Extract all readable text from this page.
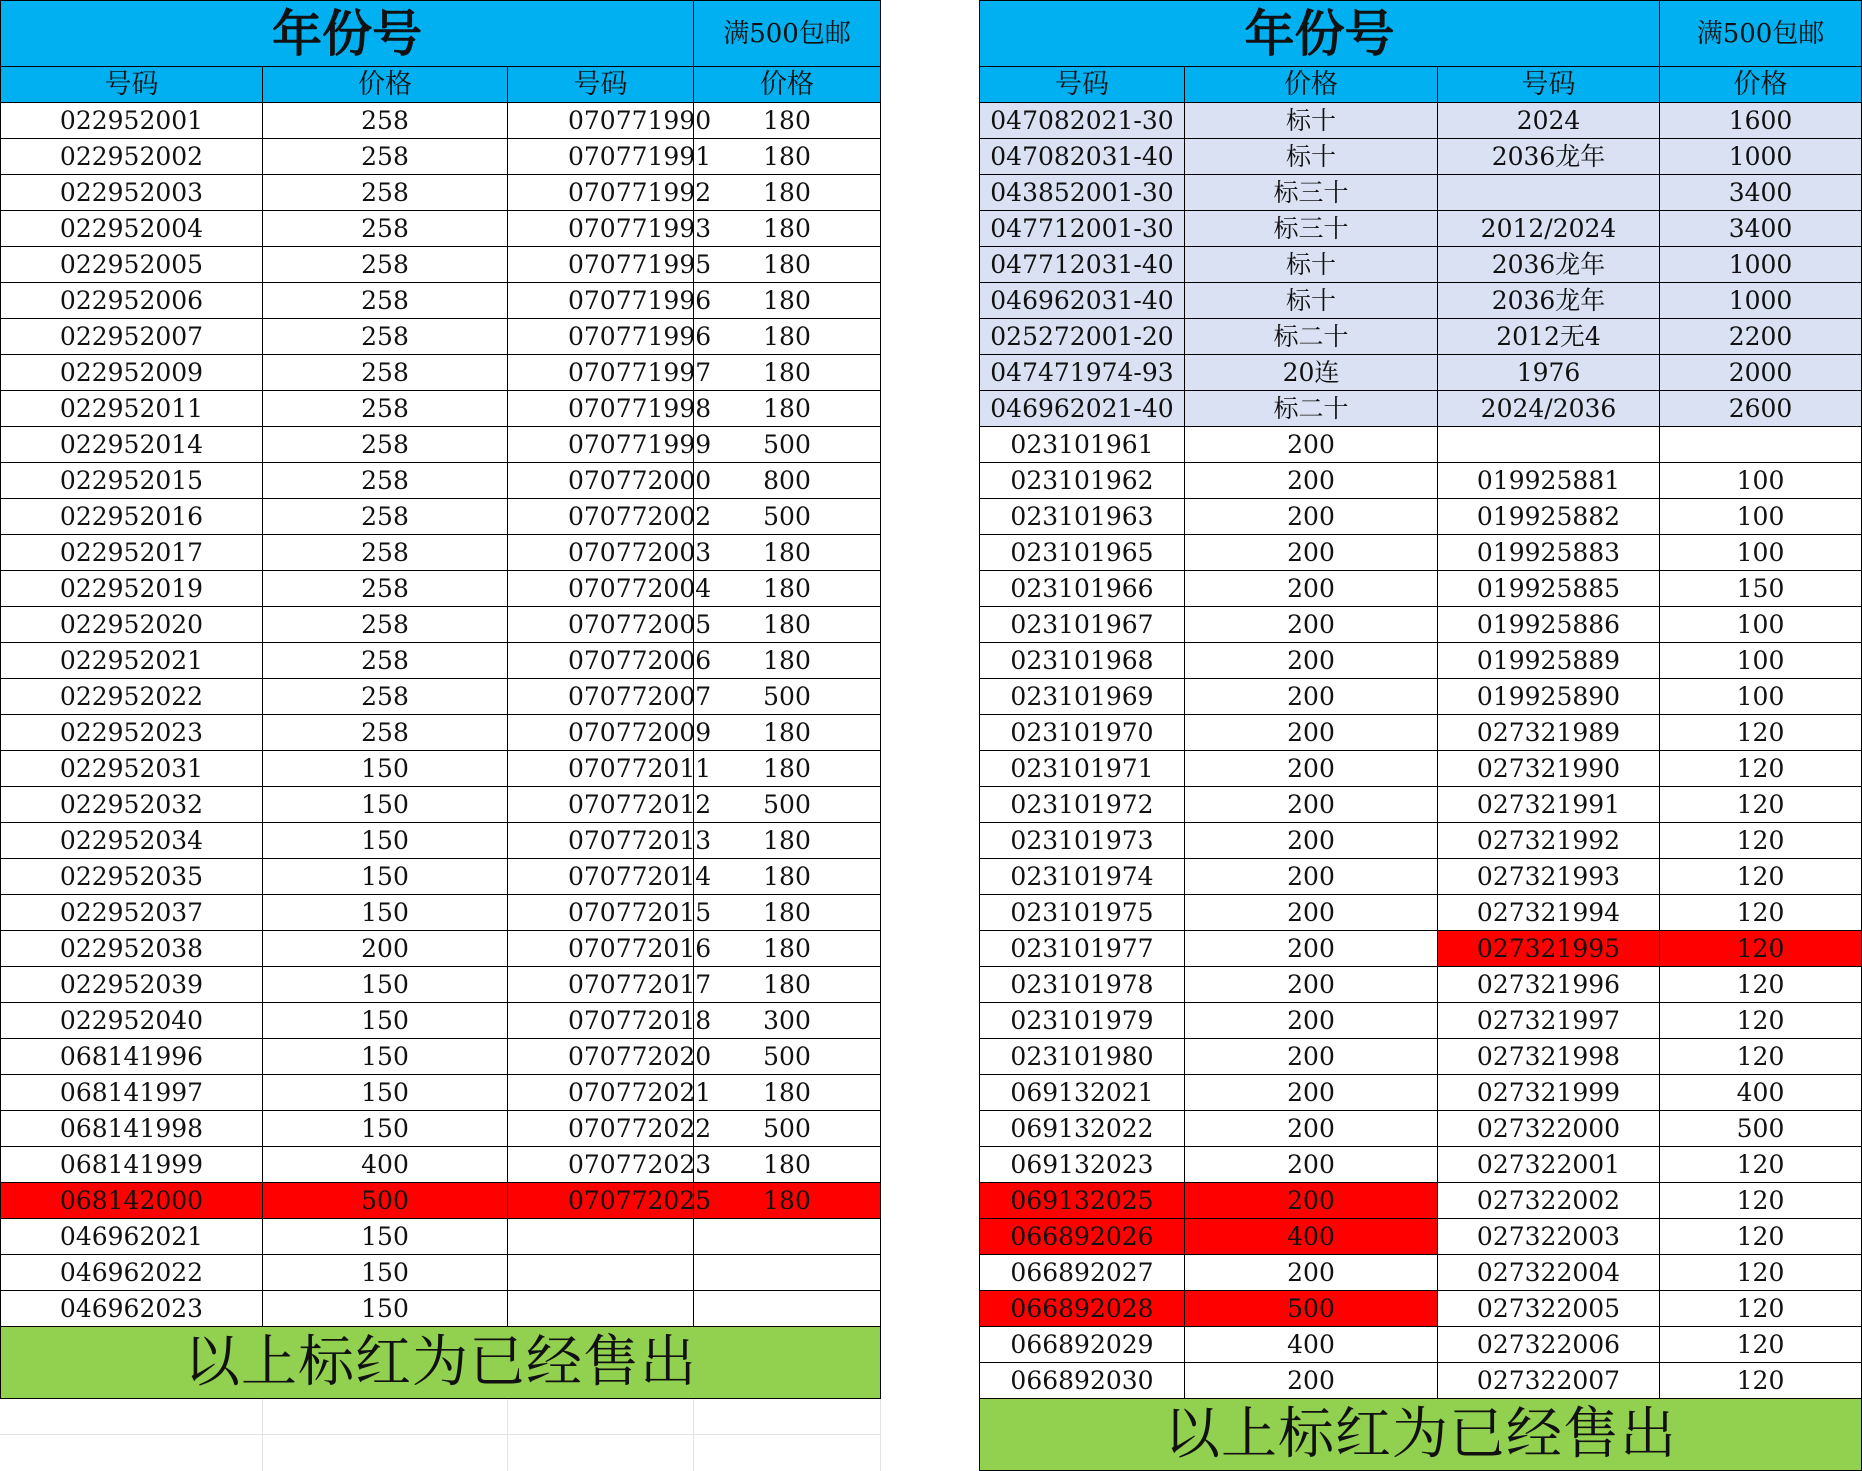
年份号			满500包邮
号码	价格	号码	价格
022952001	258	070771990	180
022952002	258	070771991	180
022952003	258	070771992	180
022952004	258	070771993	180
022952005	258	070771995	180
022952006	258	070771996	180
022952007	258	070771996	180
022952009	258	070771997	180
022952011	258	070771998	180
022952014	258	070771999	500
022952015	258	070772000	800
022952016	258	070772002	500
022952017	258	070772003	180
022952019	258	070772004	180
022952020	258	070772005	180
022952021	258	070772006	180
022952022	258	070772007	500
022952023	258	070772009	180
022952031	150	070772011	180
022952032	150	070772012	500
022952034	150	070772013	180
022952035	150	070772014	180
022952037	150	070772015	180
022952038	200	070772016	180
022952039	150	070772017	180
022952040	150	070772018	300
068141996	150	070772020	500
068141997	150	070772021	180
068141998	150	070772022	500
068141999	400	070772023	180
068142000	500	070772025	180
046962021	150		
046962022	150		
046962023	150		
以上标红为已经售出			
年份号			满500包邮
号码	价格	号码	价格
047082021-30	标十	2024	1600
047082031-40	标十	2036龙年	1000
043852001-30	标三十		3400
047712001-30	标三十	2012/2024	3400
047712031-40	标十	2036龙年	1000
046962031-40	标十	2036龙年	1000
025272001-20	标二十	2012无4	2200
047471974-93	20连	1976	2000
046962021-40	标二十	2024/2036	2600
023101961	200		
023101962	200	019925881	100
023101963	200	019925882	100
023101965	200	019925883	100
023101966	200	019925885	150
023101967	200	019925886	100
023101968	200	019925889	100
023101969	200	019925890	100
023101970	200	027321989	120
023101971	200	027321990	120
023101972	200	027321991	120
023101973	200	027321992	120
023101974	200	027321993	120
023101975	200	027321994	120
023101977	200	027321995	120
023101978	200	027321996	120
023101979	200	027321997	120
023101980	200	027321998	120
069132021	200	027321999	400
069132022	200	027322000	500
069132023	200	027322001	120
069132025	200	027322002	120
066892026	400	027322003	120
066892027	200	027322004	120
066892028	500	027322005	120
066892029	400	027322006	120
066892030	200	027322007	120
以上标红为已经售出			
